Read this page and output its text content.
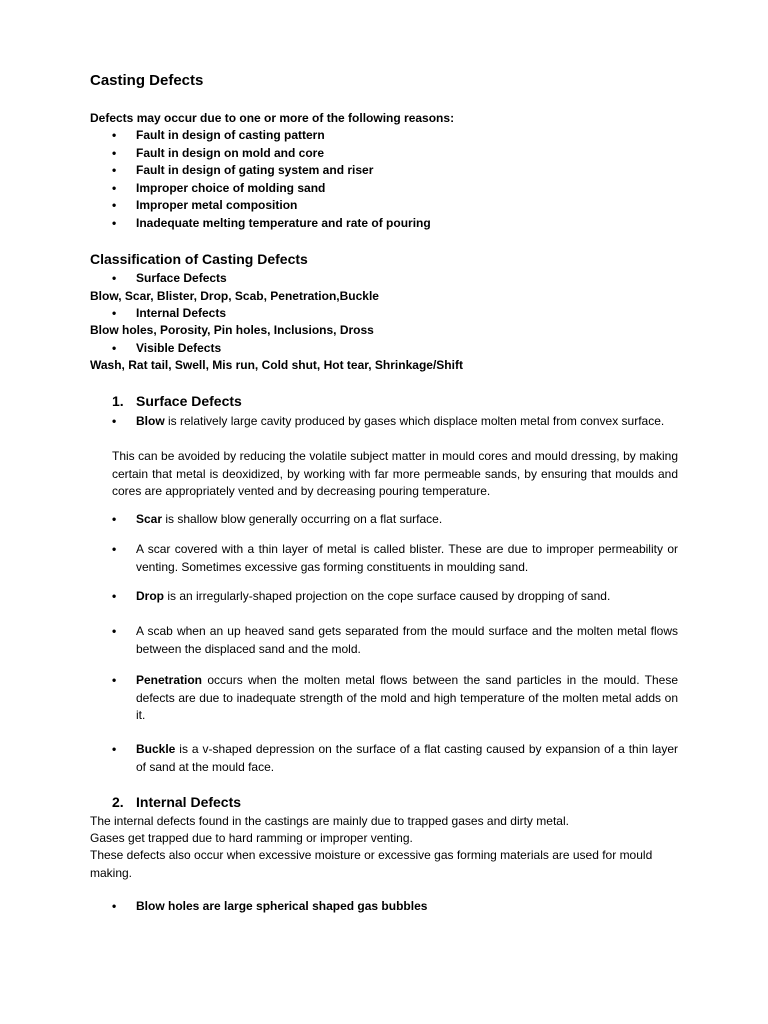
Casting Defects

Defects may occur due to one or more of the following reasons:

• Fault in design of casting pattern
• Fault in design on mold and core
• Fault in design of gating system and riser
• Improper choice of molding sand
• Improper metal composition
• Inadequate melting temperature and rate of pouring
Classification of Casting Defects

• Surface Defects

Blow, Scar, Blister, Drop, Scab, Penetration,Buckle

• Internal Defects

Blow holes, Porosity, Pin holes, Inclusions, Dross

• Visible Defects

Wash, Rat tail, Swell, Mis run, Cold shut, Hot tear, Shrinkage/Shift

1. Surface Defects

• Blow is relatively large cavity produced by gases which displace molten metal from convex surface.

This can be avoided by reducing the volatile subject matter in mould cores and mould dressing, by making certain that metal is deoxidized, by working with far more permeable sands, by ensuring that moulds and cores are appropriately vented and by decreasing pouring temperature.

• Scar is shallow blow generally occurring on a flat surface.

• A scar covered with a thin layer of metal is called blister. These are due to improper permeability or venting. Sometimes excessive gas forming constituents in moulding sand.

• Drop is an irregularly-shaped projection on the cope surface caused by dropping of sand.

• A scab when an up heaved sand gets separated from the mould surface and the molten metal flows between the displaced sand and the mold.

• Penetration occurs when the molten metal flows between the sand particles in the mould. These defects are due to inadequate strength of the mold and high temperature of the molten metal adds on it.

• Buckle is a v-shaped depression on the surface of a flat casting caused by expansion of a thin layer of sand at the mould face.

2. Internal Defects

The internal defects found in the castings are mainly due to trapped gases and dirty metal.

Gases get trapped due to hard ramming or improper venting.

These defects also occur when excessive moisture or excessive gas forming materials are used for mould making.

• Blow holes are large spherical shaped gas bubbles
